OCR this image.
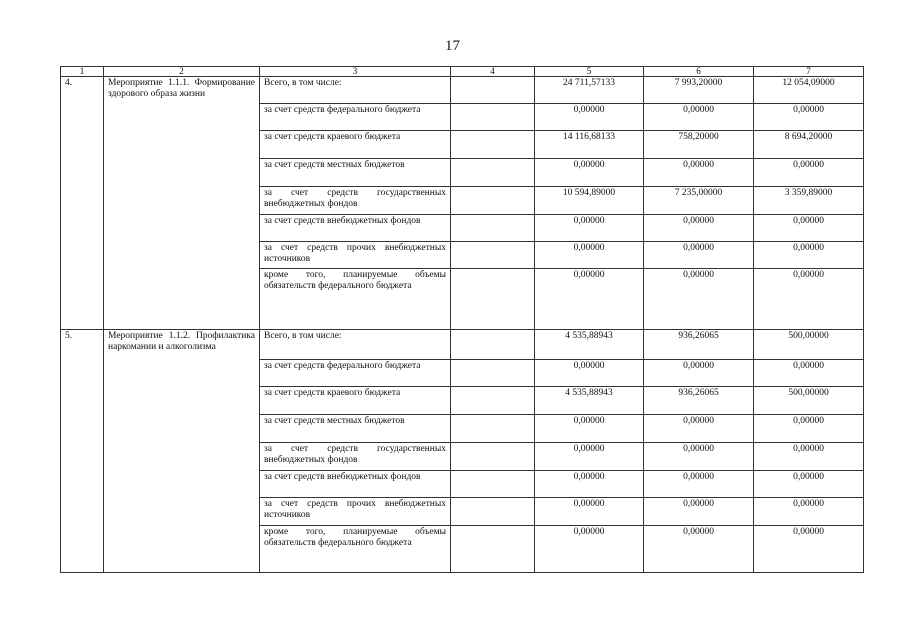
17
1	2	3	4	5	6	7
4.	Мероприятие 1.1.1. Формирование здорового образа жизни	Всего, в том числе:		24 711,57133	7 993,20000	12 054,09000
		за счет средств федерального бюджета		0,00000	0,00000	0,00000
		за счет средств краевого бюджета		14 116,68133	758,20000	8 694,20000
		за счет средств местных бюджетов		0,00000	0,00000	0,00000
		за счет средств государственных внебюджетных фондов		10 594,89000	7 235,00000	3 359,89000
		за счет средств внебюджетных фондов		0,00000	0,00000	0,00000
		за счет средств прочих внебюджетных источников		0,00000	0,00000	0,00000
		кроме того, планируемые объемы обязательств федерального бюджета		0,00000	0,00000	0,00000
5.	Мероприятие 1.1.2. Профилактика наркомании и алкоголизма	Всего, в том числе:		4 535,88943	936,26065	500,00000
		за счет средств федерального бюджета		0,00000	0,00000	0,00000
		за счет средств краевого бюджета		4 535,88943	936,26065	500,00000
		за счет средств местных бюджетов		0,00000	0,00000	0,00000
		за счет средств государственных внебюджетных фондов		0,00000	0,00000	0,00000
		за счет средств внебюджетных фондов		0,00000	0,00000	0,00000
		за счет средств прочих внебюджетных источников		0,00000	0,00000	0,00000
		кроме того, планируемые объемы обязательств федерального бюджета		0,00000	0,00000	0,00000
